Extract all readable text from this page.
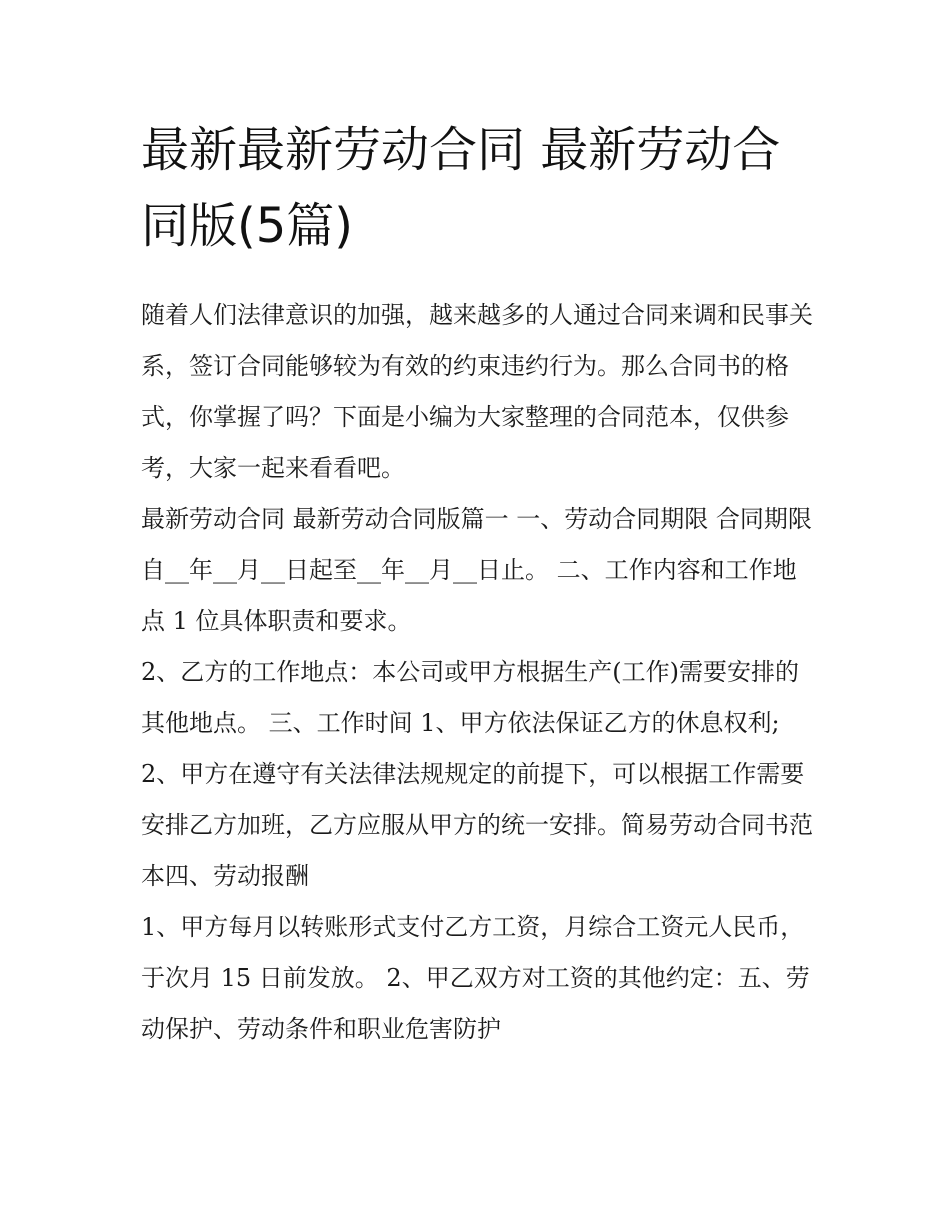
最新最新劳动合同 最新劳动合同版(5篇)

随着人们法律意识的加强，越来越多的人通过合同来调和民事关系，签订合同能够较为有效的约束违约行为。那么合同书的格式，你掌握了吗？下面是小编为大家整理的合同范本，仅供参考，大家一起来看看吧。

最新劳动合同 最新劳动合同版篇一 一、劳动合同期限 合同期限自__年__月__日起至__年__月__日止。 二、工作内容和工作地点 1 位具体职责和要求。

2、乙方的工作地点：本公司或甲方根据生产(工作)需要安排的其他地点。 三、工作时间 1、甲方依法保证乙方的休息权利;

2、甲方在遵守有关法律法规规定的前提下，可以根据工作需要安排乙方加班，乙方应服从甲方的统一安排。简易劳动合同书范本四、劳动报酬

1、甲方每月以转账形式支付乙方工资，月综合工资元人民币，于次月 15 日前发放。 2、甲乙双方对工资的其他约定：五、劳动保护、劳动条件和职业危害防护
